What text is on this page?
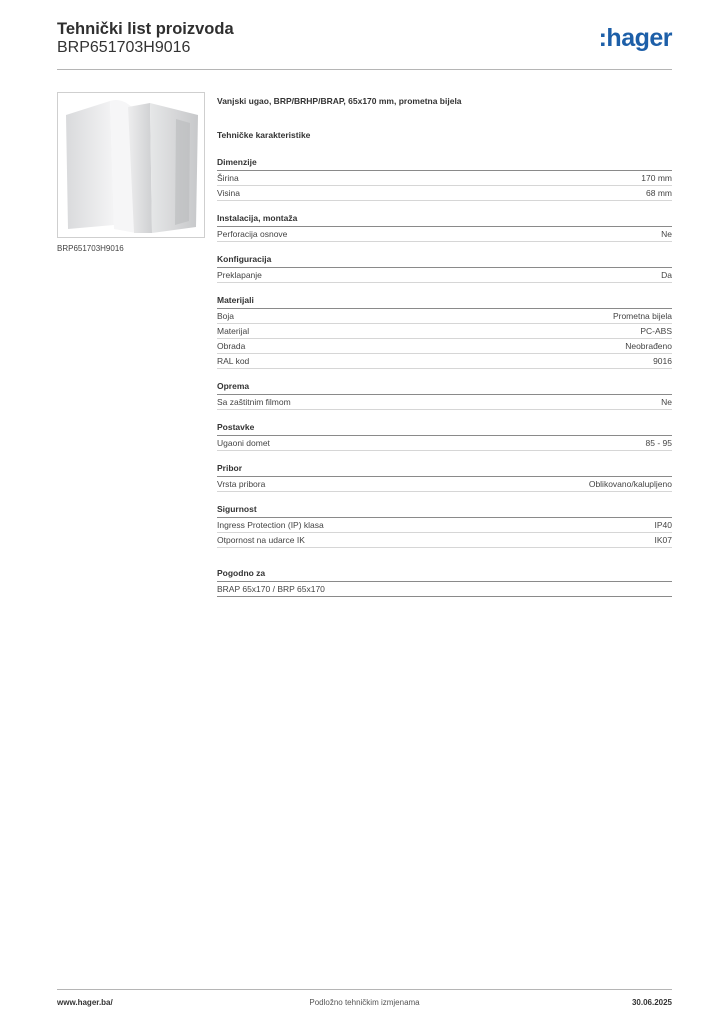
Tehnički list proizvoda
BRP651703H9016	:hager
BRP651703H9016
Vanjski ugao, BRP/BRHP/BRAP, 65x170 mm, prometna bijela
Tehničke karakteristike
Dimenzije
Širina	170 mm
Visina	68 mm
Instalacija, montaža
Perforacija osnove	Ne
Konfiguracija
Preklapanje	Da
Materijali
Boja	Prometna bijela
Materijal	PC-ABS
Obrada	Neobrađeno
RAL kod	9016
Oprema
Sa zaštitnim filmom	Ne
Postavke
Ugaoni domet	85 - 95
Pribor
Vrsta pribora	Oblikovano/kalupljeno
Sigurnost
Ingress Protection (IP) klasa	IP40
Otpornost na udarce IK	IK07
Pogodno za
BRAP 65x170 / BRP 65x170
www.hager.ba/	Podložno tehničkim izmjenama	30.06.2025
